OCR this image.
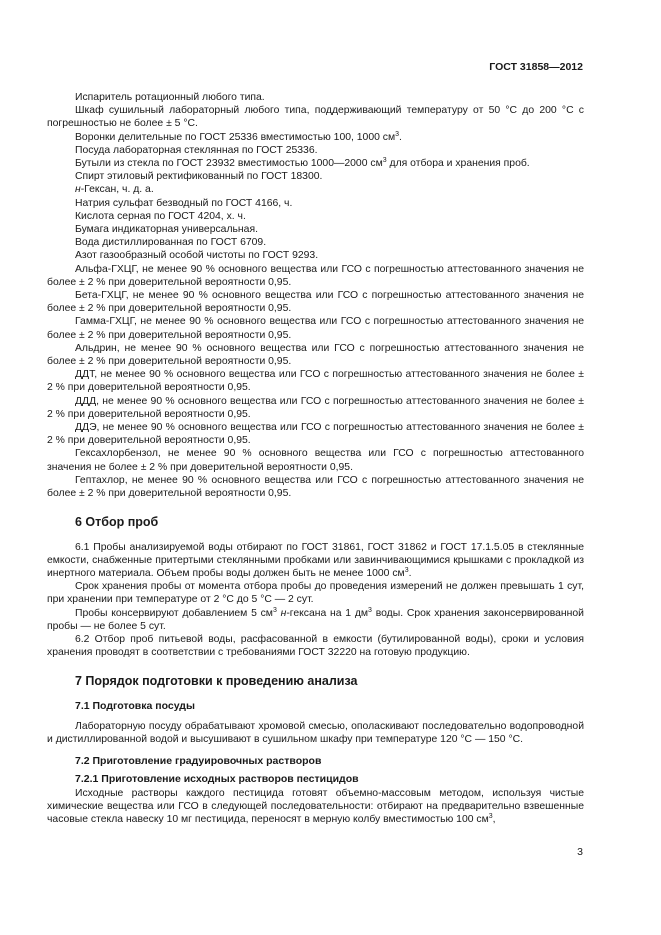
ГОСТ 31858—2012

Испаритель ротационный любого типа.

Шкаф сушильный лабораторный любого типа, поддерживающий температуру от 50 °С до 200 °С с погрешностью не более ± 5 °С.

Воронки делительные по ГОСТ 25336 вместимостью 100, 1000 $см^3$.

Посуда лабораторная стеклянная по ГОСТ 25336.

Бутыли из стекла по ГОСТ 23932 вместимостью 1000—2000 $см^3$ для отбора и хранения проб.

Спирт этиловый ректификованный по ГОСТ 18300.

н-Гексан, ч. д. а.

Натрия сульфат безводный по ГОСТ 4166, ч.

Кислота серная по ГОСТ 4204, х. ч.

Бумага индикаторная универсальная.

Вода дистиллированная по ГОСТ 6709.

Азот газообразный особой чистоты по ГОСТ 9293.

Альфа-ГХЦГ, не менее 90 % основного вещества или ГСО с погрешностью аттестованного значения не более ± 2 % при доверительной вероятности 0,95.

Бета-ГХЦГ, не менее 90 % основного вещества или ГСО с погрешностью аттестованного значения не более ± 2 % при доверительной вероятности 0,95.

Гамма-ГХЦГ, не менее 90 % основного вещества или ГСО с погрешностью аттестованного значения не более ± 2 % при доверительной вероятности 0,95.

Альдрин, не менее 90 % основного вещества или ГСО с погрешностью аттестованного значения не более ± 2 % при доверительной вероятности 0,95.

ДДТ, не менее 90 % основного вещества или ГСО с погрешностью аттестованного значения не более ± 2 % при доверительной вероятности 0,95.

ДДД, не менее 90 % основного вещества или ГСО с погрешностью аттестованного значения не более ± 2 % при доверительной вероятности 0,95.

ДДЭ, не менее 90 % основного вещества или ГСО с погрешностью аттестованного значения не более ± 2 % при доверительной вероятности 0,95.

Гексахлорбензол, не менее 90 % основного вещества или ГСО с погрешностью аттестованного значения не более ± 2 % при доверительной вероятности 0,95.

Гептахлор, не менее 90 % основного вещества или ГСО с погрешностью аттестованного значения не более ± 2 % при доверительной вероятности 0,95.

6 Отбор проб

6.1 Пробы анализируемой воды отбирают по ГОСТ 31861, ГОСТ 31862 и ГОСТ 17.1.5.05 в стеклянные емкости, снабженные притертыми стеклянными пробками или завинчивающимися крышками с прокладкой из инертного материала. Объем пробы воды должен быть не менее 1000 $см^3$.

Срок хранения пробы от момента отбора пробы до проведения измерений не должен превышать 1 сут, при хранении при температуре от 2 °С до 5 °С — 2 сут.

Пробы консервируют добавлением 5 $см^3$ н-гексана на 1 $дм^3$ воды. Срок хранения законсервированной пробы — не более 5 сут.

6.2 Отбор проб питьевой воды, расфасованной в емкости (бутилированной воды), сроки и условия хранения проводят в соответствии с требованиями ГОСТ 32220 на готовую продукцию.

7 Порядок подготовки к проведению анализа

7.1 Подготовка посуды

Лабораторную посуду обрабатывают хромовой смесью, ополаскивают последовательно водопроводной и дистиллированной водой и высушивают в сушильном шкафу при температуре 120 °С — 150 °С.

7.2 Приготовление градуировочных растворов

7.2.1 Приготовление исходных растворов пестицидов

Исходные растворы каждого пестицида готовят объемно-массовым методом, используя чистые химические вещества или ГСО в следующей последовательности: отбирают на предварительно взвешенные часовые стекла навеску 10 мг пестицида, переносят в мерную колбу вместимостью 100 $см^3$,

3
